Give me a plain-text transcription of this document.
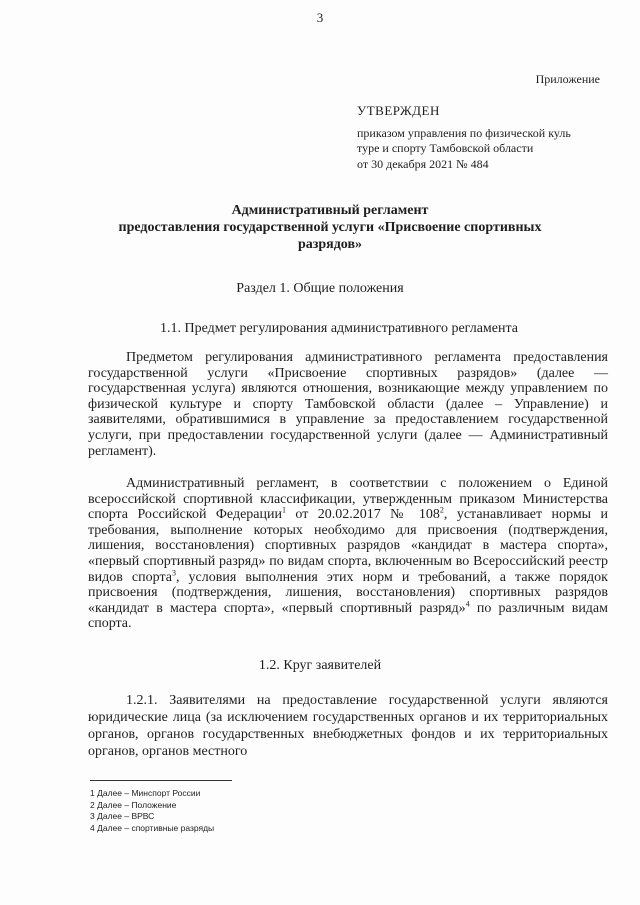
3
Приложение
УТВЕРЖДЕН
приказом управления по физической куль
туре и спорту Тамбовской области
от 30 декабря 2021 № 484
Административный регламент
предоставления государственной услуги «Присвоение спортивных
разрядов»
Раздел 1. Общие положения
1.1. Предмет регулирования административного регламента
Предметом регулирования административного регламента предоставления государственной услуги «Присвоение спортивных разрядов» (далее — государственная услуга) являются отношения, возникающие между управлением по физической культуре и спорту Тамбовской области (далее – Управление) и заявителями, обратившимися в управление за предоставлением государственной услуги, при предоставлении государственной услуги (далее — Административный регламент).
Административный регламент, в соответствии с положением о Единой всероссийской спортивной классификации, утвержденным приказом Министерства спорта Российской Федерации$^1$ от 20.02.2017 № $108^2$, устанавливает нормы и требования, выполнение которых необходимо для присвоения (подтверждения, лишения, восстановления) спортивных разрядов «кандидат в мастера спорта», «первый спортивный разряд» по видам спорта, включенным во Всероссийский реестр видов спорта$^3$, условия выполнения этих норм и требований, а также порядок присвоения (подтверждения, лишения, восстановления) спортивных разрядов «кандидат в мастера спорта», «первый спортивный разряд»$^4$ по различным видам спорта.
1.2. Круг заявителей
1.2.1. Заявителями на предоставление государственной услуги являются юридические лица (за исключением государственных органов и их территориальных органов, органов государственных внебюджетных фондов и их территориальных органов, органов местного
1 Далее – Минспорт России
2 Далее – Положение
3 Далее – ВРВС
4 Далее – спортивные разряды
